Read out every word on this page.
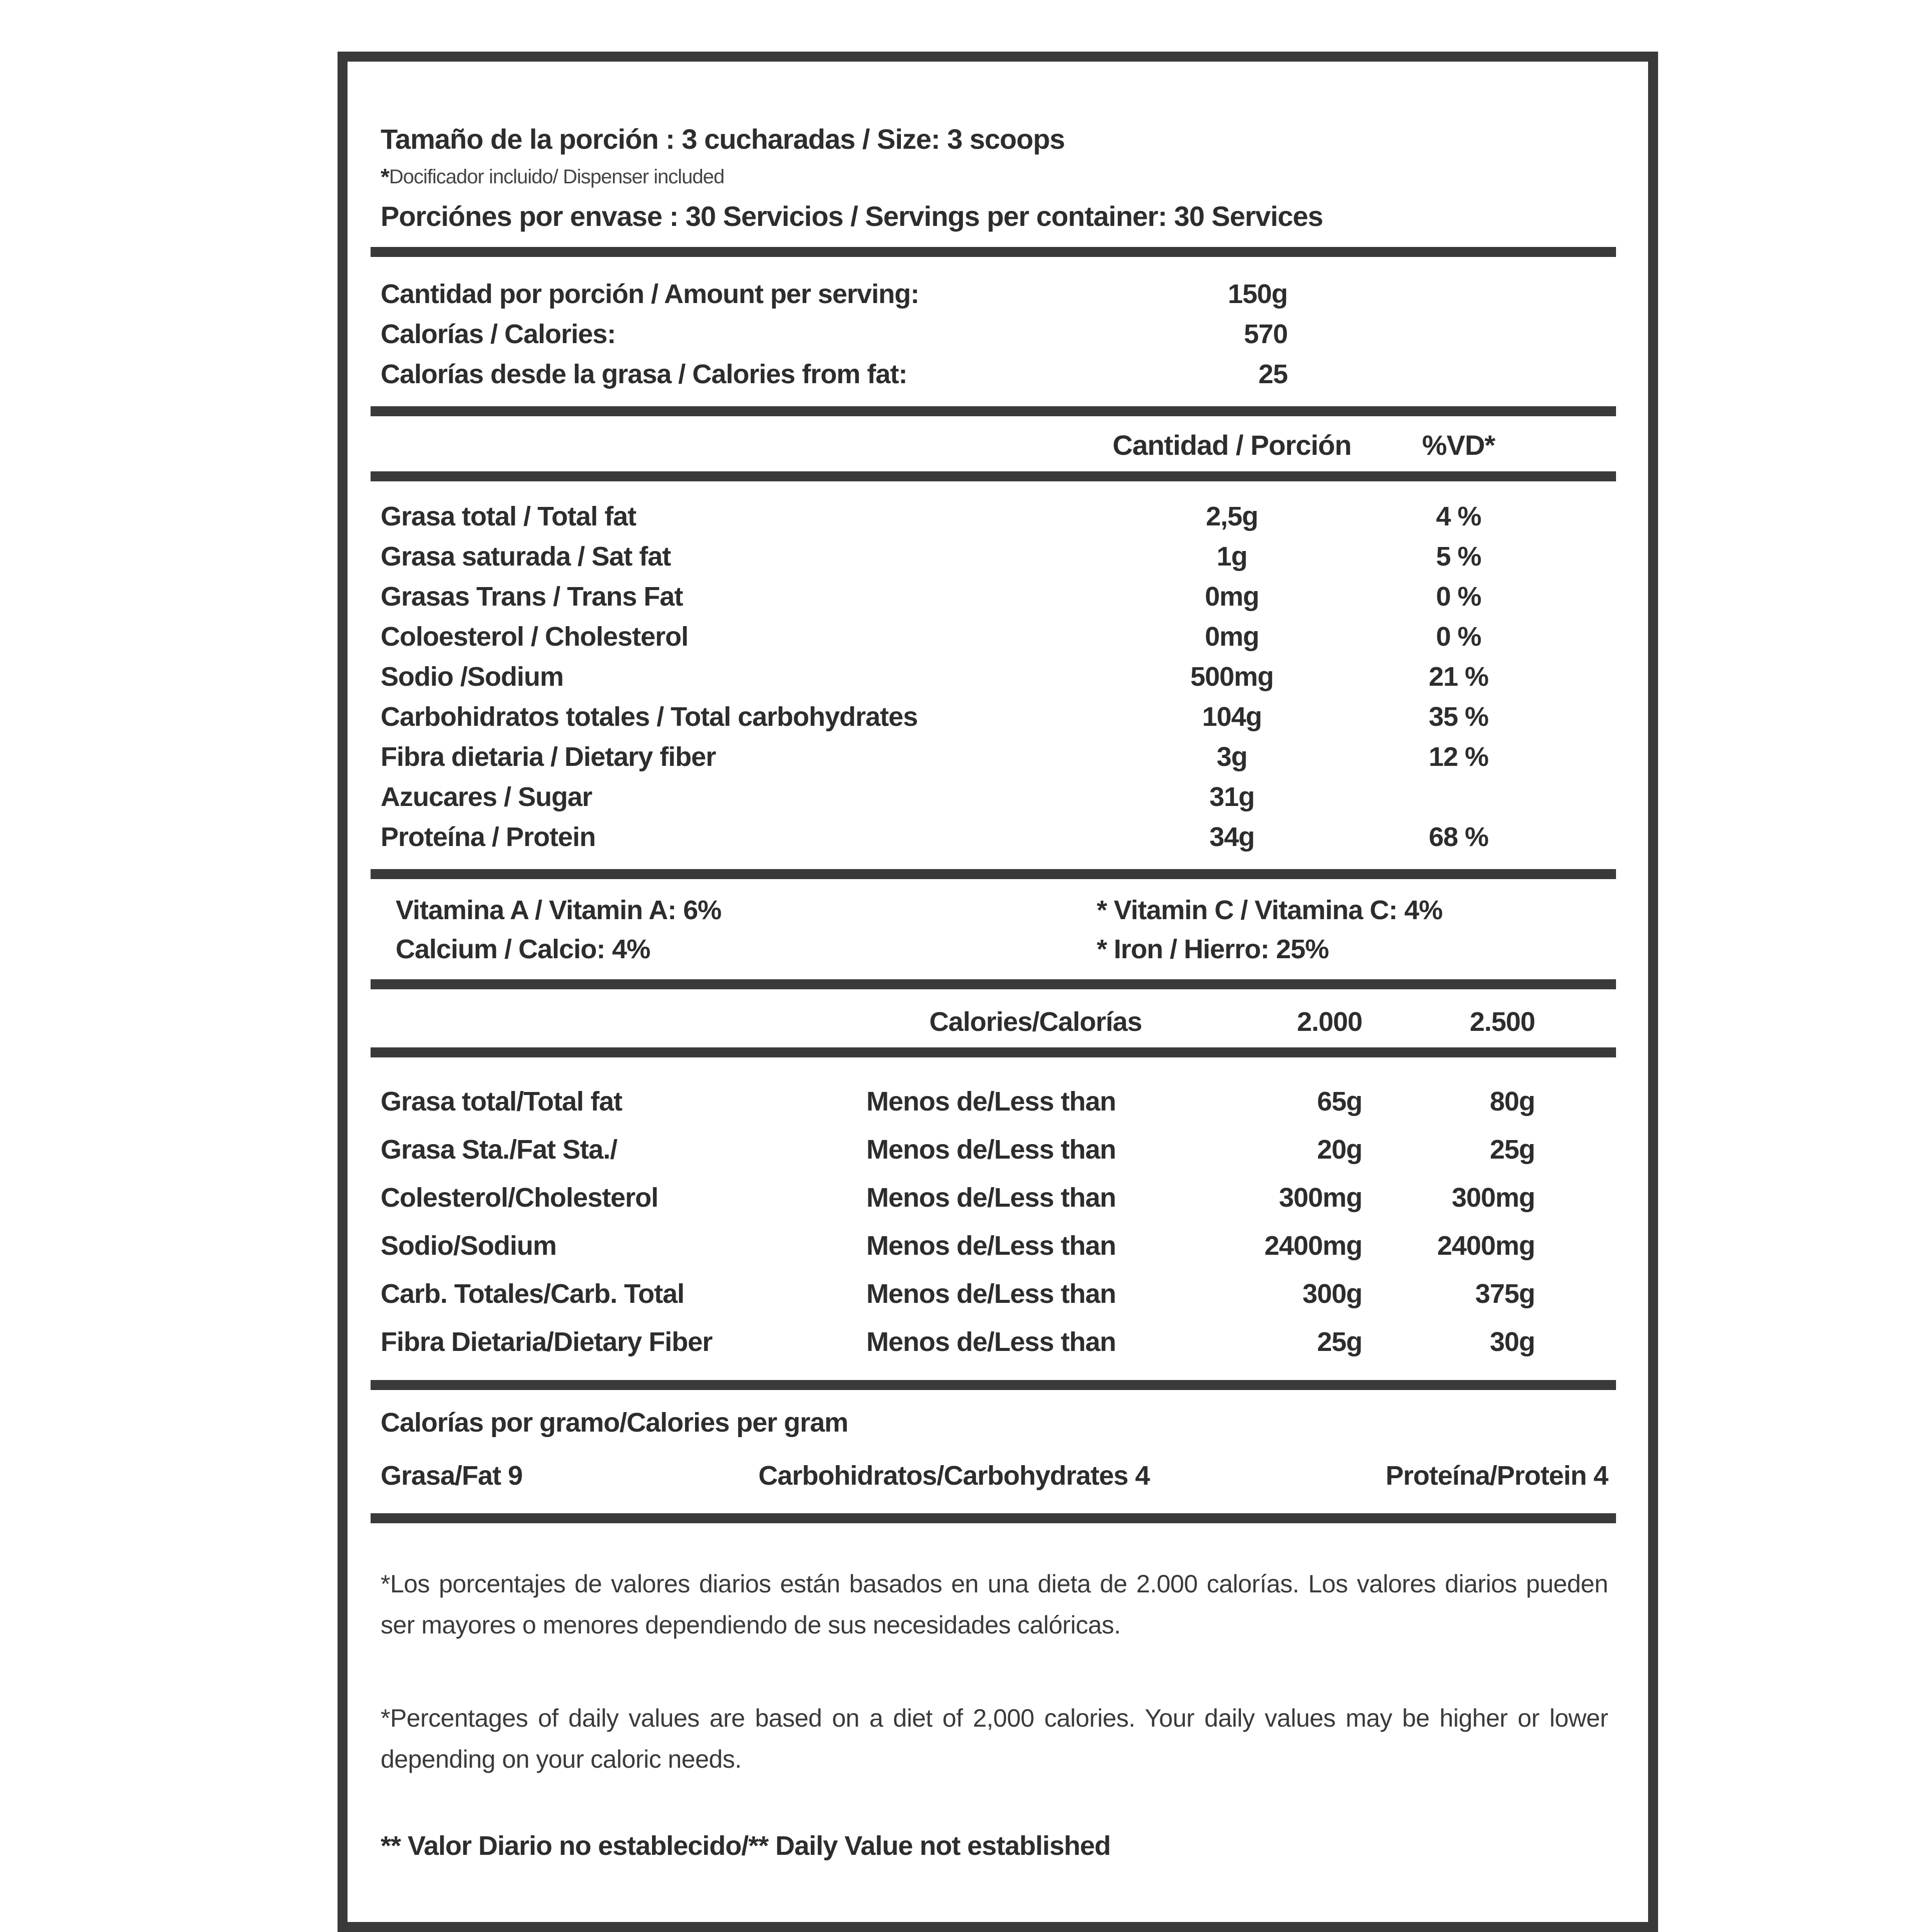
Tamaño de la porción : 3 cucharadas / Size: 3 scoops
*Docificador incluido/ Dispenser included
Porciónes por envase : 30 Servicios / Servings per container: 30 Services
Cantidad por porción / Amount per serving:	150g
Calorías / Calories:	570
Calorías desde la grasa / Calories from fat:	25
Cantidad / Porción	%VD*
Grasa total / Total fat	2,5g	4 %
Grasa saturada / Sat fat	1g	5 %
Grasas Trans / Trans Fat	0mg	0 %
Coloesterol / Cholesterol	0mg	0 %
Sodio /Sodium	500mg	21 %
Carbohidratos totales / Total carbohydrates	104g	35 %
Fibra dietaria / Dietary fiber	3g	12 %
Azucares / Sugar	31g
Proteína / Protein	34g	68 %
Vitamina A / Vitamin A: 6%	* Vitamin C / Vitamina C: 4%
Calcium / Calcio: 4%	* Iron / Hierro: 25%
Calories/Calorías	2.000	2.500
Grasa total/Total fat	Menos de/Less than	65g	80g
Grasa Sta./Fat Sta./	Menos de/Less than	20g	25g
Colesterol/Cholesterol	Menos de/Less than	300mg	300mg
Sodio/Sodium	Menos de/Less than	2400mg	2400mg
Carb. Totales/Carb. Total	Menos de/Less than	300g	375g
Fibra Dietaria/Dietary Fiber	Menos de/Less than	25g	30g
Calorías por gramo/Calories per gram
Grasa/Fat 9	Carbohidratos/Carbohydrates 4	Proteína/Protein 4
*Los porcentajes de valores diarios están basados en una dieta de 2.000 calorías. Los valores diarios pueden ser mayores o menores dependiendo de sus necesidades calóricas.
*Percentages of daily values are based on a diet of 2,000 calories. Your daily values may be higher or lower depending on your caloric needs.
** Valor Diario no establecido/** Daily Value not established
